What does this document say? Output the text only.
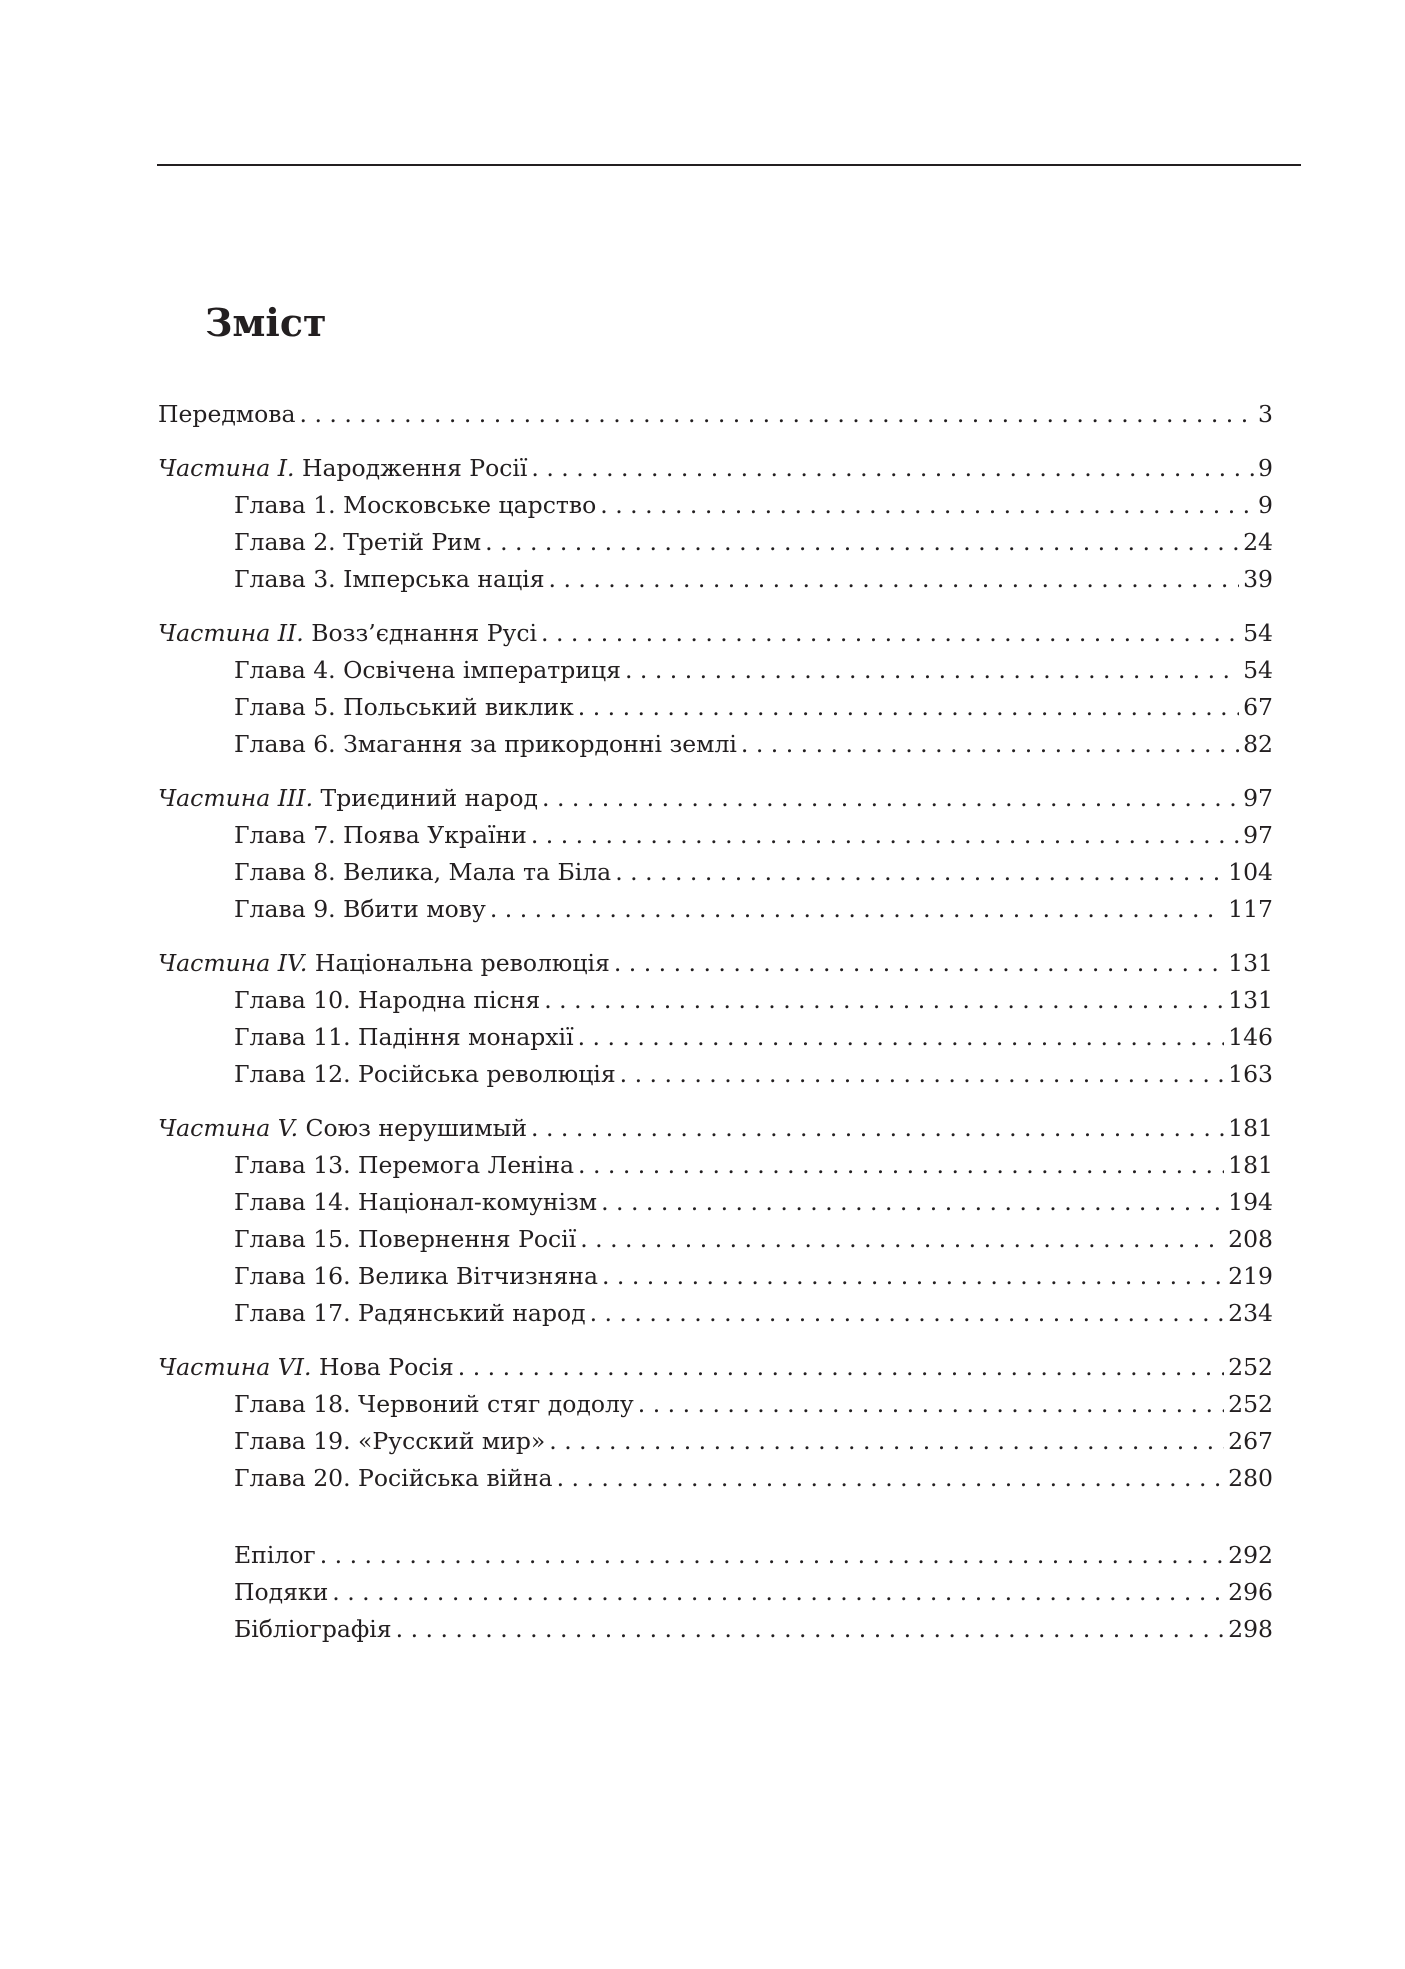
Зміст
Передмова . . .	3
Частина I. Народження Росії . . .	9
Глава 1. Московське царство . . .	9
Глава 2. Третій Рим . . .	24
Глава 3. Імперська нація . . .	39
Частина II. Возз’єднання Русі . . .	54
Глава 4. Освічена імператриця . . .	54
Глава 5. Польський виклик . . .	67
Глава 6. Змагання за прикордонні землі . . .	82
Частина III. Триєдиний народ . . .	97
Глава 7. Поява України . . .	97
Глава 8. Велика, Мала та Біла . . .	104
Глава 9. Вбити мову . . .	117
Частина IV. Національна революція . . .	131
Глава 10. Народна пісня . . .	131
Глава 11. Падіння монархії . . .	146
Глава 12. Російська революція . . .	163
Частина V. Союз нерушимый . . .	181
Глава 13. Перемога Леніна . . .	181
Глава 14. Націонал-комунізм . . .	194
Глава 15. Повернення Росії . . .	208
Глава 16. Велика Вітчизняна . . .	219
Глава 17. Радянський народ . . .	234
Частина VI. Нова Росія . . .	252
Глава 18. Червоний стяг додолу . . .	252
Глава 19. «Русский мир» . . .	267
Глава 20. Російська війна . . .	280
Епілог . . .	292
Подяки . . .	296
Бібліографія . . .	298
